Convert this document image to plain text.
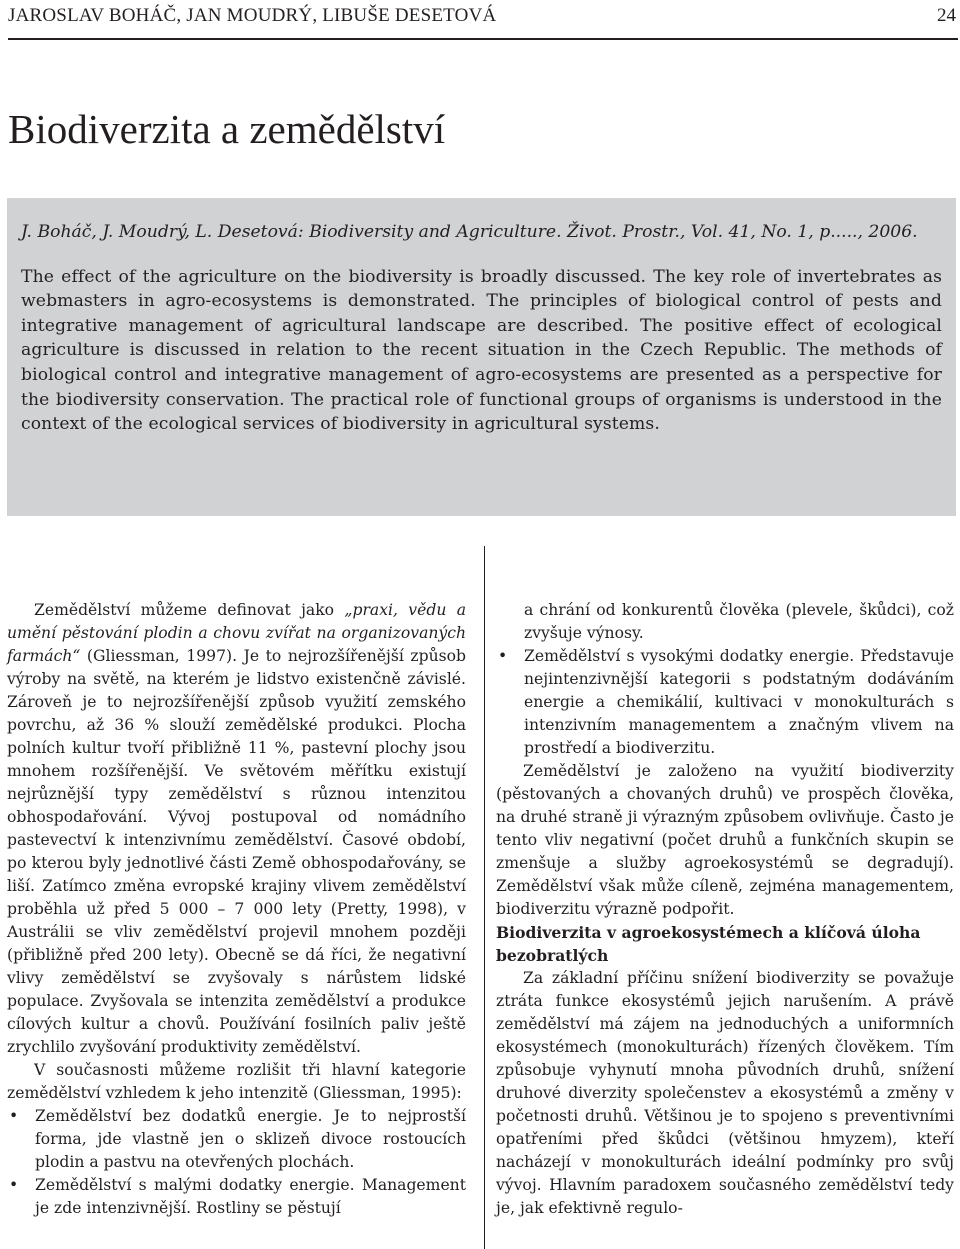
JAROSLAV BOHÁČ, JAN MOUDRÝ, LIBUŠE DESETOVÁ	24
Biodiverzita a zemědělství

J. Boháč, J. Moudrý, L. Desetová: Biodiversity and Agriculture. Život. Prostr., Vol. 41, No. 1, p....., 2006.

The effect of the agriculture on the biodiversity is broadly discussed. The key role of invertebrates as webmasters in agro-ecosystems is demonstrated. The principles of biological control of pests and integrative management of agricultural landscape are described. The positive effect of ecological agriculture is discussed in relation to the recent situation in the Czech Republic. The methods of biological control and integrative management of agro-ecosystems are presented as a perspective for the biodiversity conservation. The practical role of functional groups of organisms is understood in the context of the ecological services of biodiversity in agricultural systems.

Zemědělství můžeme definovat jako „praxi, vědu a umění pěstování plodin a chovu zvířat na organizovaných farmách“ (Gliessman, 1997). Je to nejrozšířenější způsob výroby na světě, na kterém je lidstvo existenčně závislé. Zároveň je to nejrozšířenější způsob využití zemského povrchu, až 36 % slouží zemědělské produkci. Plocha polních kultur tvoří přibližně 11 %, pastevní plochy jsou mnohem rozšířenější. Ve světovém měřítku existují nejrůznější typy zemědělství s různou intenzitou obhospodařování. Vývoj postupoval od nomádního pastevectví k intenzivnímu zemědělství. Časové období, po kterou byly jednotlivé části Země obhospodařovány, se liší. Zatímco změna evropské krajiny vlivem zemědělství proběhla už před 5 000 – 7 000 lety (Pretty, 1998), v Austrálii se vliv zemědělství projevil mnohem později (přibližně před 200 lety). Obecně se dá říci, že negativní vlivy zemědělství se zvyšovaly s nárůstem lidské populace. Zvyšovala se intenzita zemědělství a produkce cílových kultur a chovů. Používání fosilních paliv ještě zrychlilo zvyšování produktivity zemědělství.

V současnosti můžeme rozlišit tři hlavní kategorie zemědělství vzhledem k jeho intenzitě (Gliessman, 1995):

• Zemědělství bez dodatků energie. Je to nejprostší forma, jde vlastně jen o sklizeň divoce rostoucích plodin a pastvu na otevřených plochách.

• Zemědělství s malými dodatky energie. Management je zde intenzivnější. Rostliny se pěstují

a chrání od konkurentů člověka (plevele, škůdci), což zvyšuje výnosy.

• Zemědělství s vysokými dodatky energie. Představuje nejintenzivnější kategorii s podstatným dodáváním energie a chemikálií, kultivaci v monokulturách s intenzivním managementem a značným vlivem na prostředí a biodiverzitu.

Zemědělství je založeno na využití biodiverzity (pěstovaných a chovaných druhů) ve prospěch člověka, na druhé straně ji výrazným způsobem ovlivňuje. Často je tento vliv negativní (počet druhů a funkčních skupin se zmenšuje a služby agroekosystémů se degradují). Zemědělství však může cíleně, zejména managementem, biodiverzitu výrazně podpořit.

Biodiverzita v agroekosystémech a klíčová úloha bezobratlých

Za základní příčinu snížení biodiverzity se považuje ztráta funkce ekosystémů jejich narušením. A právě zemědělství má zájem na jednoduchých a uniformních ekosystémech (monokulturách) řízených člověkem. Tím způsobuje vyhynutí mnoha původních druhů, snížení druhové diverzity společenstev a ekosystémů a změny v početnosti druhů. Většinou je to spojeno s preventivními opatřeními před škůdci (většinou hmyzem), kteří nacházejí v monokulturách ideální podmínky pro svůj vývoj. Hlavním paradoxem současného zemědělství tedy je, jak efektivně regulo-
